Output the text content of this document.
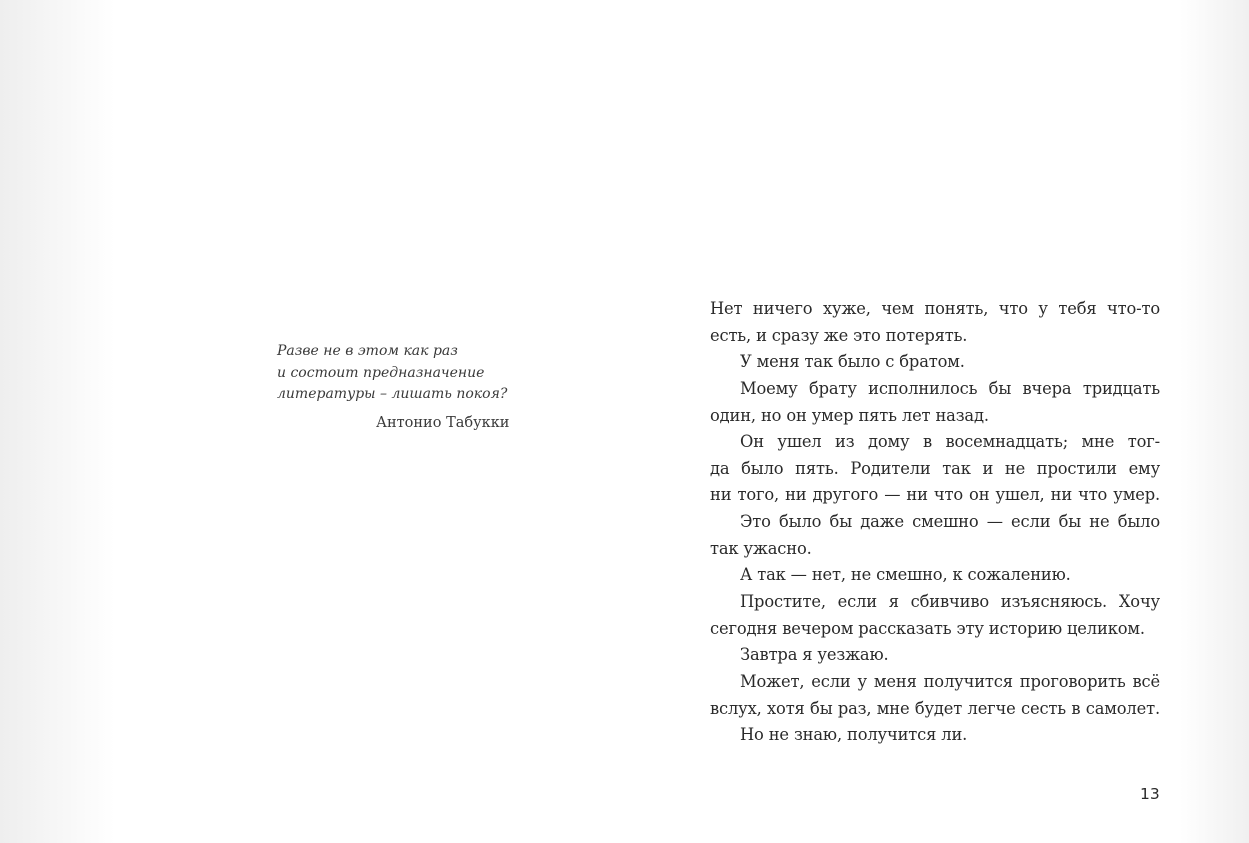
Разве не в этом как раз
и состоит предназначение
литературы – лишать покоя?

Антонио Табукки
Нет ничего хуже, чем понять, что у тебя что-то
есть, и сразу же это потерять.
У меня так было с братом.
Моему брату исполнилось бы вчера тридцать
один, но он умер пять лет назад.
Он ушел из дому в восемнадцать; мне тог-
да было пять. Родители так и не простили ему
ни того, ни другого — ни что он ушел, ни что умер.
Это было бы даже смешно — если бы не было
так ужасно.
А так — нет, не смешно, к сожалению.
Простите, если я сбивчиво изъясняюсь. Хочу
сегодня вечером рассказать эту историю целиком.
Завтра я уезжаю.
Может, если у меня получится проговорить всё
вслух, хотя бы раз, мне будет легче сесть в самолет.
Но не знаю, получится ли.
13
